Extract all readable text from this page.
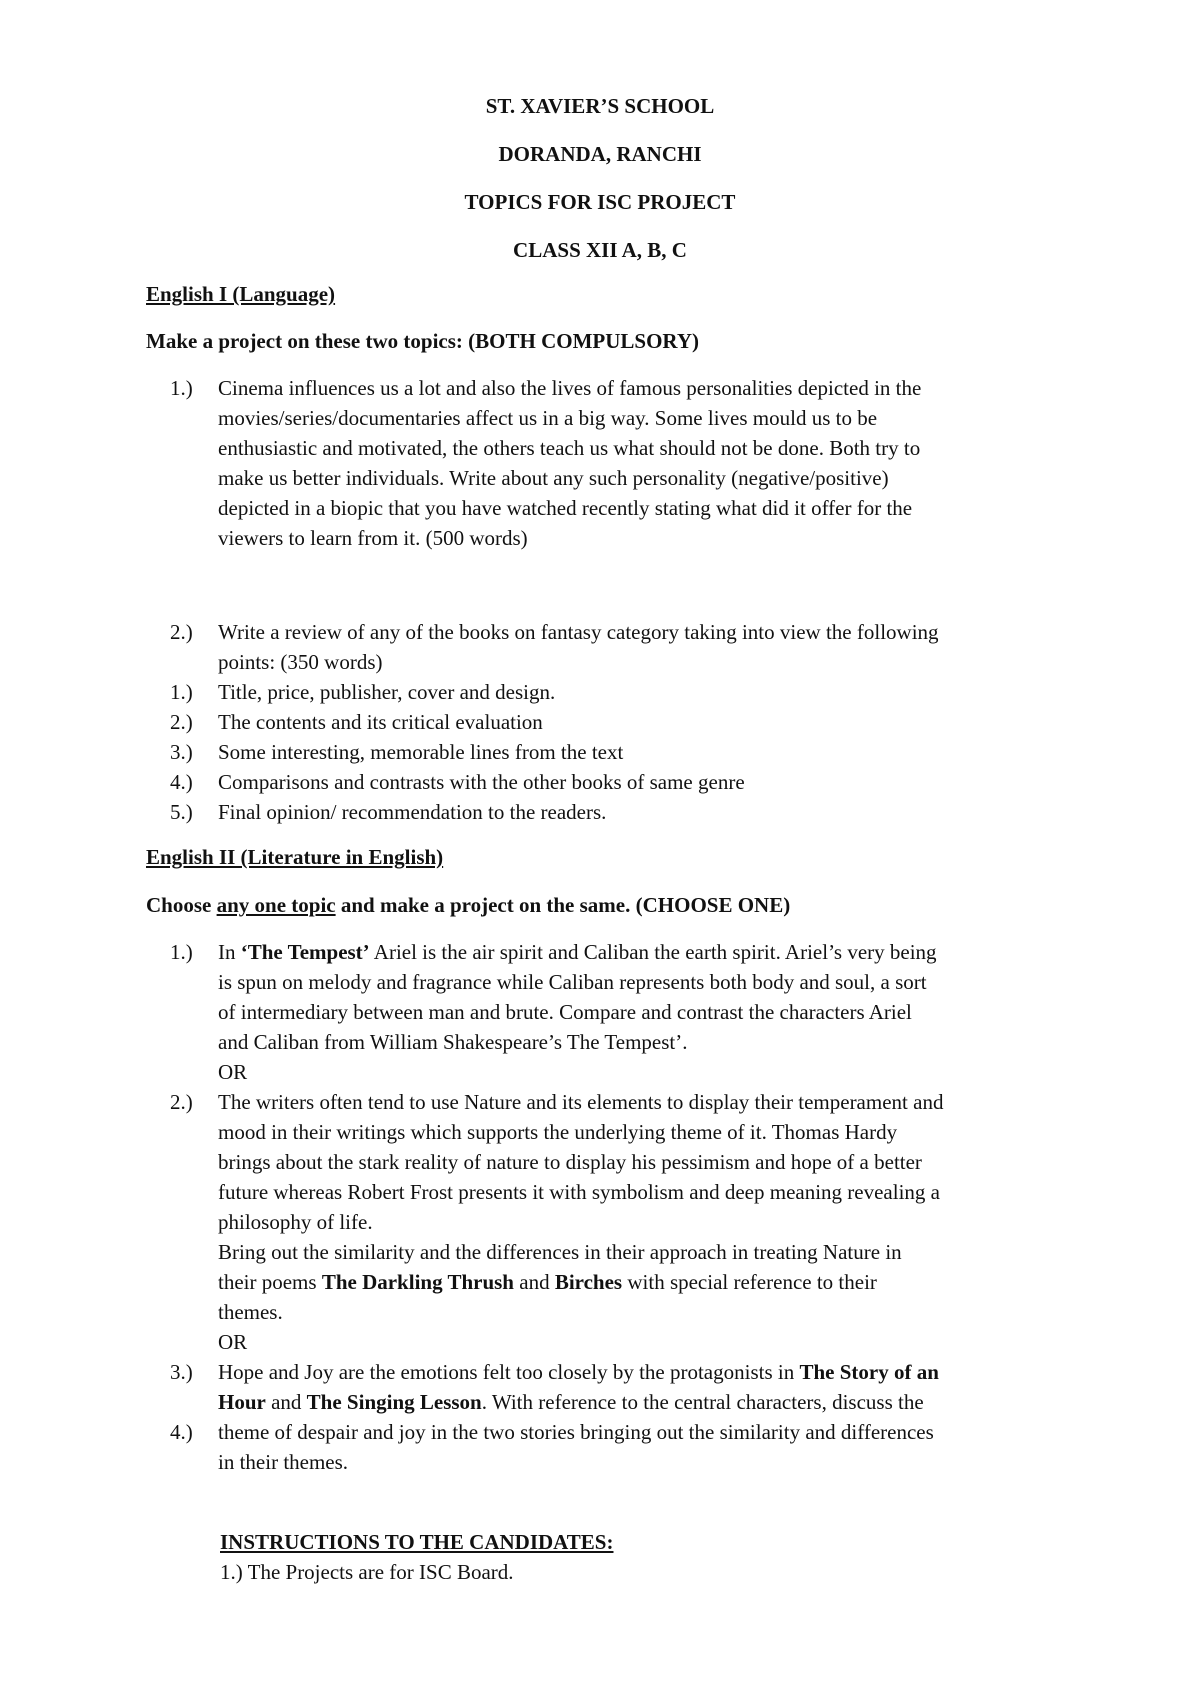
ST. XAVIER’S SCHOOL
DORANDA, RANCHI
TOPICS FOR ISC PROJECT
CLASS XII A, B, C
English I (Language)
Make a project on these two topics: (BOTH COMPULSORY)
1.)	Cinema influences us a lot and also the lives of famous personalities depicted in the
movies/series/documentaries affect us in a big way. Some lives mould us to be
enthusiastic and motivated, the others teach us what should not be done. Both try to
make us better individuals. Write about any such personality (negative/positive)
depicted in a biopic that you have watched recently stating what did it offer for the
viewers to learn from it. (500 words)
2.)	Write a review of any of the books on fantasy category taking into view the following
points: (350 words)
1.)	Title, price, publisher, cover and design.
2.)	The contents and its critical evaluation
3.)	Some interesting, memorable lines from the text
4.)	Comparisons and contrasts with the other books of same genre
5.)	Final opinion/ recommendation to the readers.
English II (Literature in English)
Choose any one topic and make a project on the same. (CHOOSE ONE)
1.)	In ‘The Tempest’ Ariel is the air spirit and Caliban the earth spirit. Ariel’s very being
is spun on melody and fragrance while Caliban represents both body and soul, a sort
of intermediary between man and brute. Compare and contrast the characters Ariel
and Caliban from William Shakespeare’s The Tempest’.
OR
2.)	The writers often tend to use Nature and its elements to display their temperament and
mood in their writings which supports the underlying theme of it. Thomas Hardy
brings about the stark reality of nature to display his pessimism and hope of a better
future whereas Robert Frost presents it with symbolism and deep meaning revealing a
philosophy of life.
Bring out the similarity and the differences in their approach in treating Nature in
their poems The Darkling Thrush and Birches with special reference to their
themes.
OR
3.)	Hope and Joy are the emotions felt too closely by the protagonists in The Story of an
Hour and The Singing Lesson. With reference to the central characters, discuss the
4.)	theme of despair and joy in the two stories bringing out the similarity and differences
in their themes.
INSTRUCTIONS TO THE CANDIDATES:
1.) The Projects are for ISC Board.
